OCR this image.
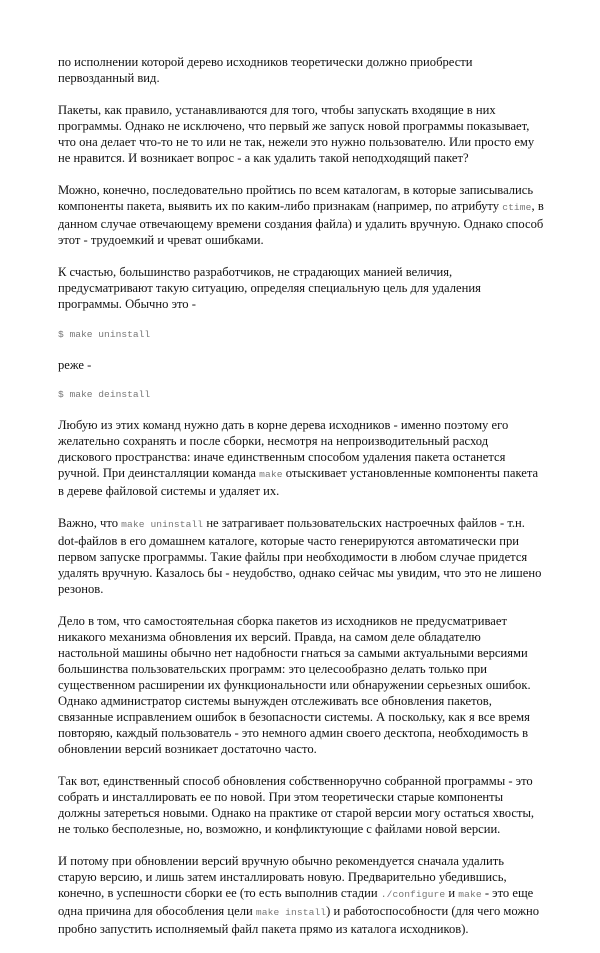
по исполнении которой дерево исходников теоретически должно приобрести первозданный вид.

Пакеты, как правило, устанавливаются для того, чтобы запускать входящие в них программы. Однако не исключено, что первый же запуск новой программы показывает, что она делает что-то не то или не так, нежели это нужно пользователю. Или просто ему не нравится. И возникает вопрос - а как удалить такой неподходящий пакет?

Можно, конечно, последовательно пройтись по всем каталогам, в которые записывались компоненты пакета, выявить их по каким-либо признакам (например, по атрибуту ctime, в данном случае отвечающему времени создания файла) и удалить вручную. Однако способ этот - трудоемкий и чреват ошибками.

К счастью, большинство разработчиков, не страдающих манией величия, предусматривают такую ситуацию, определяя специальную цель для удаления программы. Обычно это -

$ make uninstall

реже -

$ make deinstall

Любую из этих команд нужно дать в корне дерева исходников - именно поэтому его желательно сохранять и после сборки, несмотря на непроизводительный расход дискового пространства: иначе единственным способом удаления пакета останется ручной. При деинсталляции команда make отыскивает установленные компоненты пакета в дереве файловой системы и удаляет их.

Важно, что make uninstall не затрагивает пользовательских настроечных файлов - т.н. dot-файлов в его домашнем каталоге, которые часто генерируются автоматически при первом запуске программы. Такие файлы при необходимости в любом случае придется удалять вручную. Казалось бы - неудобство, однако сейчас мы увидим, что это не лишено резонов.

Дело в том, что самостоятельная сборка пакетов из исходников не предусматривает никакого механизма обновления их версий. Правда, на самом деле обладателю настольной машины обычно нет надобности гнаться за самыми актуальными версиями большинства пользовательских программ: это целесообразно делать только при существенном расширении их функциональности или обнаружении серьезных ошибок. Однако администратор системы вынужден отслеживать все обновления пакетов, связанные исправлением ошибок в безопасности системы. А поскольку, как я все время повторяю, каждый пользователь - это немного админ своего десктопа, необходимость в обновлении версий возникает достаточно часто.

Так вот, единственный способ обновления собственноручно собранной программы - это собрать и инсталлировать ее по новой. При этом теоретически старые компоненты должны затереться новыми. Однако на практике от старой версии могу остаться хвосты, не только бесполезные, но, возможно, и конфликтующие с файлами новой версии.

И потому при обновлении версий вручную обычно рекомендуется сначала удалить старую версию, и лишь затем инсталлировать новую. Предварительно убедившись, конечно, в успешности сборки ее (то есть выполнив стадии ./configure и make - это еще одна причина для обособления цели make install) и работоспособности (для чего можно пробно запустить исполняемый файл пакета прямо из каталога исходников).
